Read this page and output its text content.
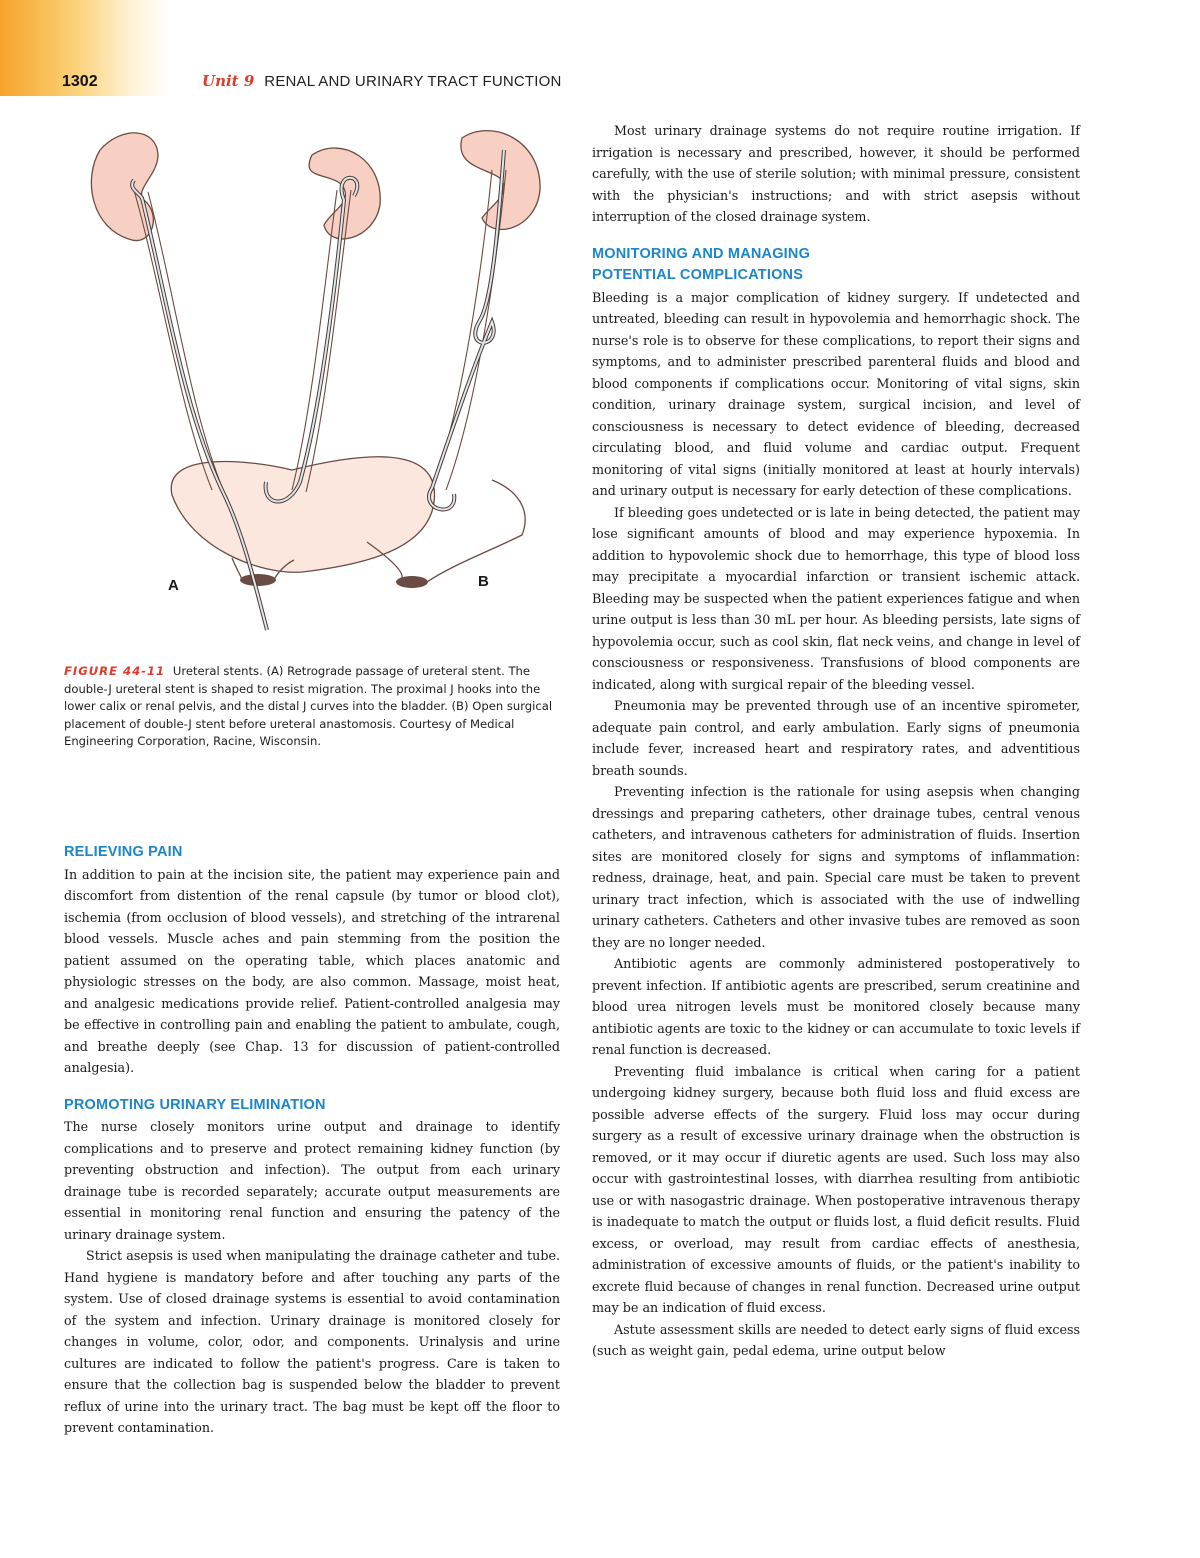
1302	Unit 9 RENAL AND URINARY TRACT FUNCTION
A	B
FIGURE 44-11 Ureteral stents. (A) Retrograde passage of ureteral stent. The double-J ureteral stent is shaped to resist migration. The proximal J hooks into the lower calix or renal pelvis, and the distal J curves into the bladder. (B) Open surgical placement of double-J stent before ureteral anastomosis. Courtesy of Medical Engineering Corporation, Racine, Wisconsin.
RELIEVING PAIN

In addition to pain at the incision site, the patient may experience pain and discomfort from distention of the renal capsule (by tumor or blood clot), ischemia (from occlusion of blood vessels), and stretching of the intrarenal blood vessels. Muscle aches and pain stemming from the position the patient assumed on the operating table, which places anatomic and physiologic stresses on the body, are also common. Massage, moist heat, and analgesic medications provide relief. Patient-controlled analgesia may be effective in controlling pain and enabling the patient to ambulate, cough, and breathe deeply (see Chap. 13 for discussion of patient-controlled analgesia).

PROMOTING URINARY ELIMINATION

The nurse closely monitors urine output and drainage to identify complications and to preserve and protect remaining kidney function (by preventing obstruction and infection). The output from each urinary drainage tube is recorded separately; accurate output measurements are essential in monitoring renal function and ensuring the patency of the urinary drainage system.

Strict asepsis is used when manipulating the drainage catheter and tube. Hand hygiene is mandatory before and after touching any parts of the system. Use of closed drainage systems is essential to avoid contamination of the system and infection. Urinary drainage is monitored closely for changes in volume, color, odor, and components. Urinalysis and urine cultures are indicated to follow the patient's progress. Care is taken to ensure that the collection bag is suspended below the bladder to prevent reflux of urine into the urinary tract. The bag must be kept off the floor to prevent contamination.

Most urinary drainage systems do not require routine irrigation. If irrigation is necessary and prescribed, however, it should be performed carefully, with the use of sterile solution; with minimal pressure, consistent with the physician's instructions; and with strict asepsis without interruption of the closed drainage system.

MONITORING AND MANAGING
POTENTIAL COMPLICATIONS

Bleeding is a major complication of kidney surgery. If undetected and untreated, bleeding can result in hypovolemia and hemorrhagic shock. The nurse's role is to observe for these complications, to report their signs and symptoms, and to administer prescribed parenteral fluids and blood and blood components if complications occur. Monitoring of vital signs, skin condition, urinary drainage system, surgical incision, and level of consciousness is necessary to detect evidence of bleeding, decreased circulating blood, and fluid volume and cardiac output. Frequent monitoring of vital signs (initially monitored at least at hourly intervals) and urinary output is necessary for early detection of these complications.

If bleeding goes undetected or is late in being detected, the patient may lose significant amounts of blood and may experience hypoxemia. In addition to hypovolemic shock due to hemorrhage, this type of blood loss may precipitate a myocardial infarction or transient ischemic attack. Bleeding may be suspected when the patient experiences fatigue and when urine output is less than 30 mL per hour. As bleeding persists, late signs of hypovolemia occur, such as cool skin, flat neck veins, and change in level of consciousness or responsiveness. Transfusions of blood components are indicated, along with surgical repair of the bleeding vessel.

Pneumonia may be prevented through use of an incentive spirometer, adequate pain control, and early ambulation. Early signs of pneumonia include fever, increased heart and respiratory rates, and adventitious breath sounds.

Preventing infection is the rationale for using asepsis when changing dressings and preparing catheters, other drainage tubes, central venous catheters, and intravenous catheters for administration of fluids. Insertion sites are monitored closely for signs and symptoms of inflammation: redness, drainage, heat, and pain. Special care must be taken to prevent urinary tract infection, which is associated with the use of indwelling urinary catheters. Catheters and other invasive tubes are removed as soon they are no longer needed.

Antibiotic agents are commonly administered postoperatively to prevent infection. If antibiotic agents are prescribed, serum creatinine and blood urea nitrogen levels must be monitored closely because many antibiotic agents are toxic to the kidney or can accumulate to toxic levels if renal function is decreased.

Preventing fluid imbalance is critical when caring for a patient undergoing kidney surgery, because both fluid loss and fluid excess are possible adverse effects of the surgery. Fluid loss may occur during surgery as a result of excessive urinary drainage when the obstruction is removed, or it may occur if diuretic agents are used. Such loss may also occur with gastrointestinal losses, with diarrhea resulting from antibiotic use or with nasogastric drainage. When postoperative intravenous therapy is inadequate to match the output or fluids lost, a fluid deficit results. Fluid excess, or overload, may result from cardiac effects of anesthesia, administration of excessive amounts of fluids, or the patient's inability to excrete fluid because of changes in renal function. Decreased urine output may be an indication of fluid excess.

Astute assessment skills are needed to detect early signs of fluid excess (such as weight gain, pedal edema, urine output below
